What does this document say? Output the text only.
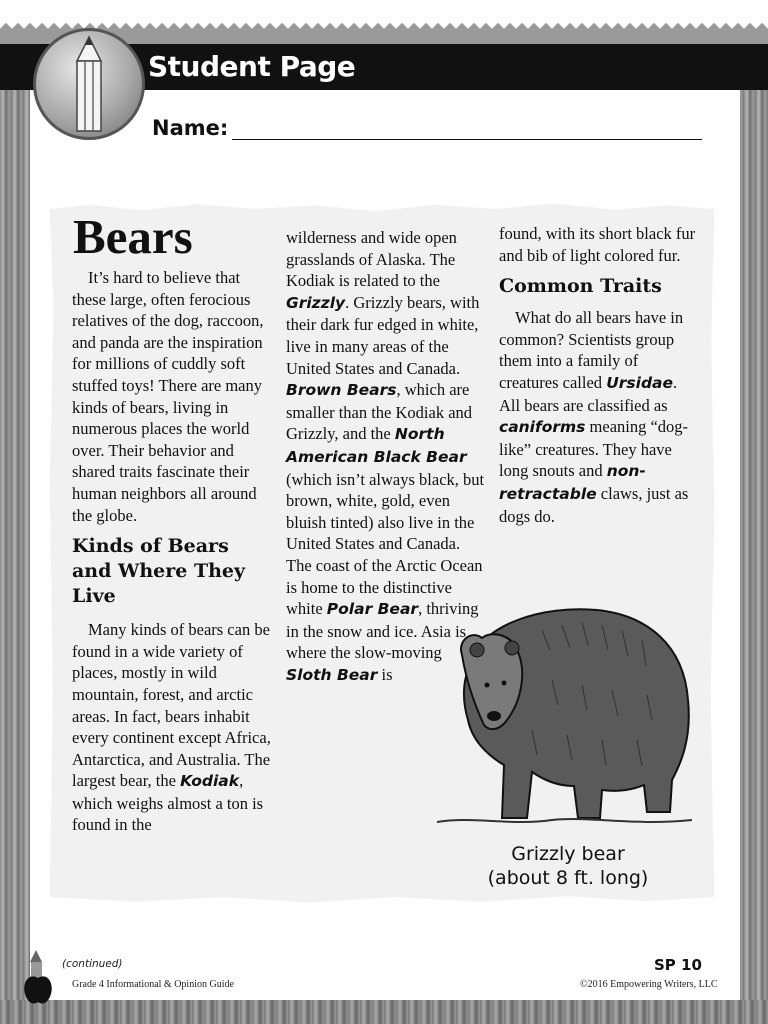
Student Page
Name:
Bears

It’s hard to believe that these large, often ferocious relatives of the dog, raccoon, and panda are the inspiration for millions of cuddly soft stuffed toys! There are many kinds of bears, living in numerous places the world over. Their behavior and shared traits fascinate their human neighbors all around the globe.

Kinds of Bears and Where They Live

Many kinds of bears can be found in a wide variety of places, mostly in wild mountain, forest, and arctic areas. In fact, bears inhabit every continent except Africa, Antarctica, and Australia. The largest bear, the Kodiak, which weighs almost a ton is found in the

wilderness and wide open grasslands of Alaska. The Kodiak is related to the Grizzly. Grizzly bears, with their dark fur edged in white, live in many areas of the United States and Canada. Brown Bears, which are smaller than the Kodiak and Grizzly, and the North American Black Bear (which isn’t always black, but brown, white, gold, even bluish tinted) also live in the United States and Canada. The coast of the Arctic Ocean is home to the distinctive white Polar Bear, thriving in the snow and ice. Asia is where the slow-moving Sloth Bear is

found, with its short black fur and bib of light colored fur.

Common Traits

What do all bears have in common? Scientists group them into a family of creatures called Ursidae. All bears are classified as caniforms meaning “dog-like” creatures. They have long snouts and non-retractable claws, just as dogs do.

Grizzly bear
(about 8 ft. long)
(continued)
Grade 4 Informational & Opinion Guide
SP 10
©2016 Empowering Writers, LLC
